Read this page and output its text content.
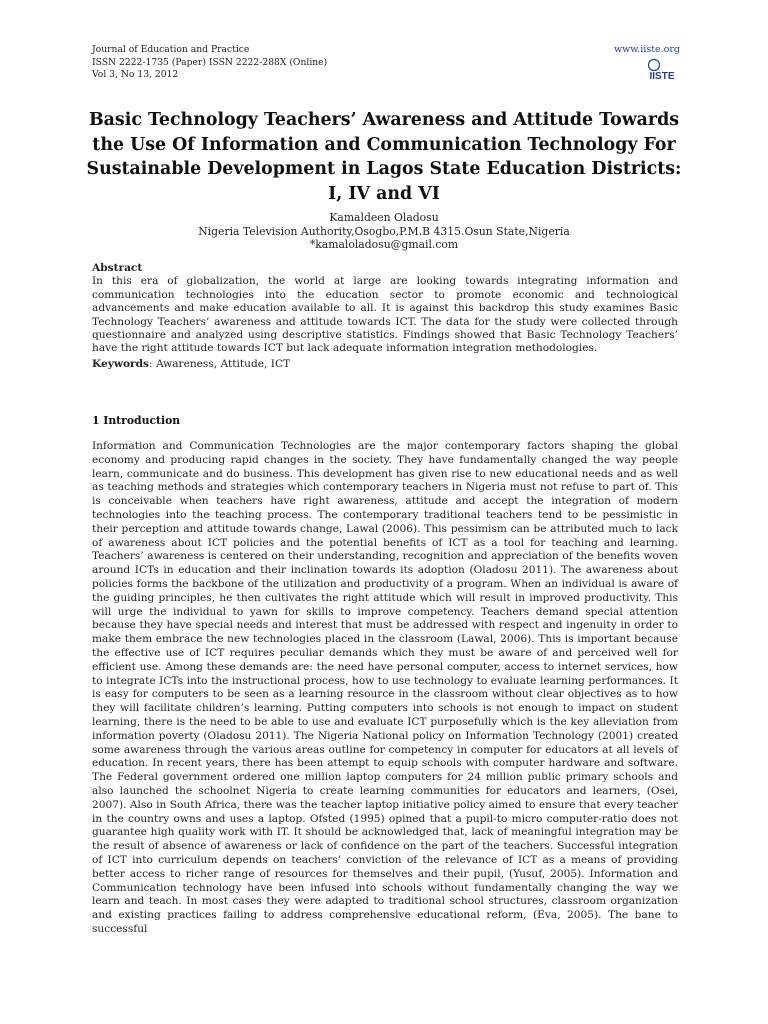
Journal of Education and Practice
ISSN 2222-1735 (Paper) ISSN 2222-288X (Online)
Vol 3, No 13, 2012
www.iiste.org
IISTE
Basic Technology Teachers’ Awareness and Attitude Towards the Use Of Information and Communication Technology For Sustainable Development in Lagos State Education Districts: I, IV and VI
Kamaldeen Oladosu
Nigeria Television Authority,Osogbo,P.M.B 4315.Osun State,Nigeria
*kamaloladosu@gmail.com

Abstract

In this era of globalization, the world at large are looking towards integrating information and communication technologies into the education sector to promote economic and technological advancements and make education available to all. It is against this backdrop this study examines Basic Technology Teachers’ awareness and attitude towards ICT. The data for the study were collected through questionnaire and analyzed using descriptive statistics. Findings showed that Basic Technology Teachers’ have the right attitude towards ICT but lack adequate information integration methodologies.

Keywords: Awareness, Attitude, ICT

1 Introduction

Information and Communication Technologies are the major contemporary factors shaping the global economy and producing rapid changes in the society. They have fundamentally changed the way people learn, communicate and do business. This development has given rise to new educational needs and as well as teaching methods and strategies which contemporary teachers in Nigeria must not refuse to part of. This is conceivable when teachers have right awareness, attitude and accept the integration of modern technologies into the teaching process. The contemporary traditional teachers tend to be pessimistic in their perception and attitude towards change, Lawal (2006). This pessimism can be attributed much to lack of awareness about ICT policies and the potential benefits of ICT as a tool for teaching and learning. Teachers’ awareness is centered on their understanding, recognition and appreciation of the benefits woven around ICTs in education and their inclination towards its adoption (Oladosu 2011). The awareness about policies forms the backbone of the utilization and productivity of a program. When an individual is aware of the guiding principles, he then cultivates the right attitude which will result in improved productivity. This will urge the individual to yawn for skills to improve competency. Teachers demand special attention because they have special needs and interest that must be addressed with respect and ingenuity in order to make them embrace the new technologies placed in the classroom (Lawal, 2006). This is important because the effective use of ICT requires peculiar demands which they must be aware of and perceived well for efficient use. Among these demands are: the need have personal computer, access to internet services, how to integrate ICTs into the instructional process, how to use technology to evaluate learning performances. It is easy for computers to be seen as a learning resource in the classroom without clear objectives as to how they will facilitate children’s learning. Putting computers into schools is not enough to impact on student learning, there is the need to be able to use and evaluate ICT purposefully which is the key alleviation from information poverty (Oladosu 2011). The Nigeria National policy on Information Technology (2001) created some awareness through the various areas outline for competency in computer for educators at all levels of education. In recent years, there has been attempt to equip schools with computer hardware and software. The Federal government ordered one million laptop computers for 24 million public primary schools and also launched the schoolnet Nigeria to create learning communities for educators and learners, (Osei, 2007). Also in South Africa, there was the teacher laptop initiative policy aimed to ensure that every teacher in the country owns and uses a laptop. Ofsted (1995) opined that a pupil-to micro computer-ratio does not guarantee high quality work with IT. It should be acknowledged that, lack of meaningful integration may be the result of absence of awareness or lack of confidence on the part of the teachers. Successful integration of ICT into curriculum depends on teachers’ conviction of the relevance of ICT as a means of providing better access to richer range of resources for themselves and their pupil, (Yusuf, 2005). Information and Communication technology have been infused into schools without fundamentally changing the way we learn and teach. In most cases they were adapted to traditional school structures, classroom organization and existing practices failing to address comprehensive educational reform, (Eva, 2005). The bane to successful
